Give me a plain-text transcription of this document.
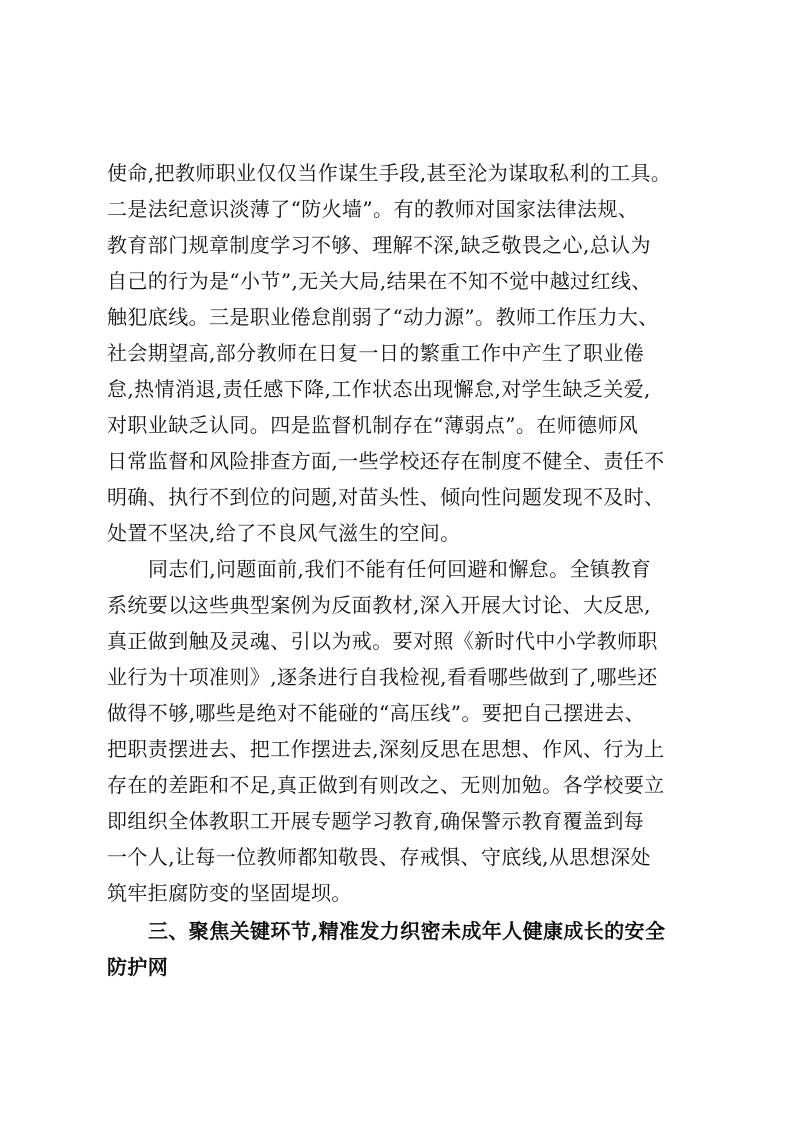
使命,把教师职业仅仅当作谋生手段,甚至沦为谋取私利的工具。
二是法纪意识淡薄了“防火墙”。有的教师对国家法律法规、
教育部门规章制度学习不够、理解不深,缺乏敬畏之心,总认为
自己的行为是“小节”,无关大局,结果在不知不觉中越过红线、
触犯底线。三是职业倦怠削弱了“动力源”。教师工作压力大、
社会期望高,部分教师在日复一日的繁重工作中产生了职业倦
怠,热情消退,责任感下降,工作状态出现懈怠,对学生缺乏关爱,
对职业缺乏认同。四是监督机制存在“薄弱点”。在师德师风
日常监督和风险排查方面,一些学校还存在制度不健全、责任不
明确、执行不到位的问题,对苗头性、倾向性问题发现不及时、
处置不坚决,给了不良风气滋生的空间。
同志们,问题面前,我们不能有任何回避和懈怠。全镇教育
系统要以这些典型案例为反面教材,深入开展大讨论、大反思,
真正做到触及灵魂、引以为戒。要对照《新时代中小学教师职
业行为十项准则》,逐条进行自我检视,看看哪些做到了,哪些还
做得不够,哪些是绝对不能碰的“高压线”。要把自己摆进去、
把职责摆进去、把工作摆进去,深刻反思在思想、作风、行为上
存在的差距和不足,真正做到有则改之、无则加勉。各学校要立
即组织全体教职工开展专题学习教育,确保警示教育覆盖到每
一个人,让每一位教师都知敬畏、存戒惧、守底线,从思想深处
筑牢拒腐防变的坚固堤坝。
三、聚焦关键环节,精准发力织密未成年人健康成长的安全
防护网
